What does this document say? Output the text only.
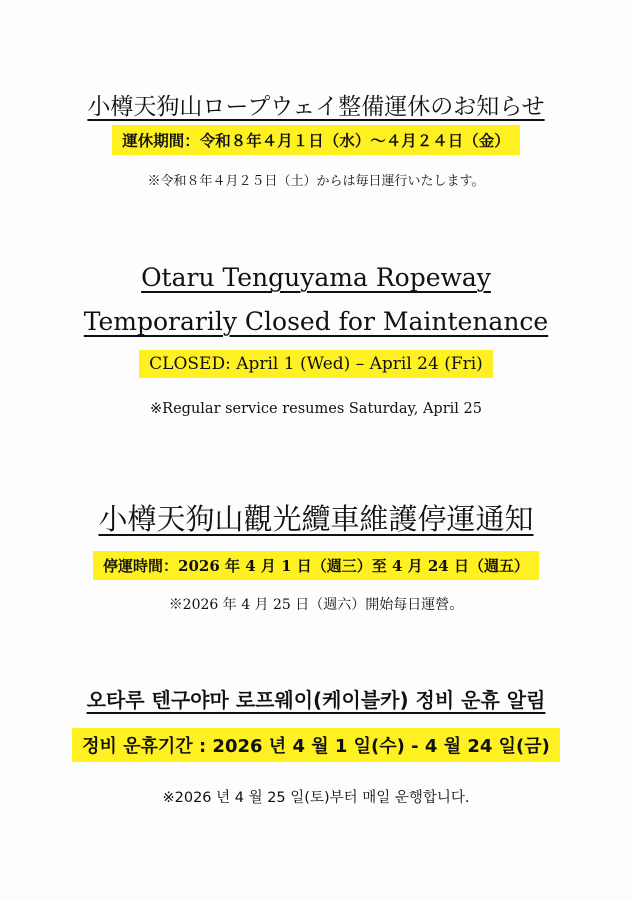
小樽天狗山ロープウェイ整備運休のお知らせ
運休期間：令和８年４月１日（水）～４月２４日（金）
※令和８年４月２５日（土）からは毎日運行いたします。
Otaru Tenguyama Ropeway
Temporarily Closed for Maintenance
CLOSED: April 1 (Wed) – April 24 (Fri)
※Regular service resumes Saturday, April 25
小樽天狗山觀光纜車維護停運通知
停運時間：2026 年 4 月 1 日（週三）至 4 月 24 日（週五）
※2026 年 4 月 25 日（週六）開始每日運營。
오타루 텐구야마 로프웨이(케이블카) 정비 운휴 알림
정비 운휴기간 : 2026 년 4 월 1 일(수) - 4 월 24 일(금)
※2026 년 4 월 25 일(토)부터 매일 운행합니다.
